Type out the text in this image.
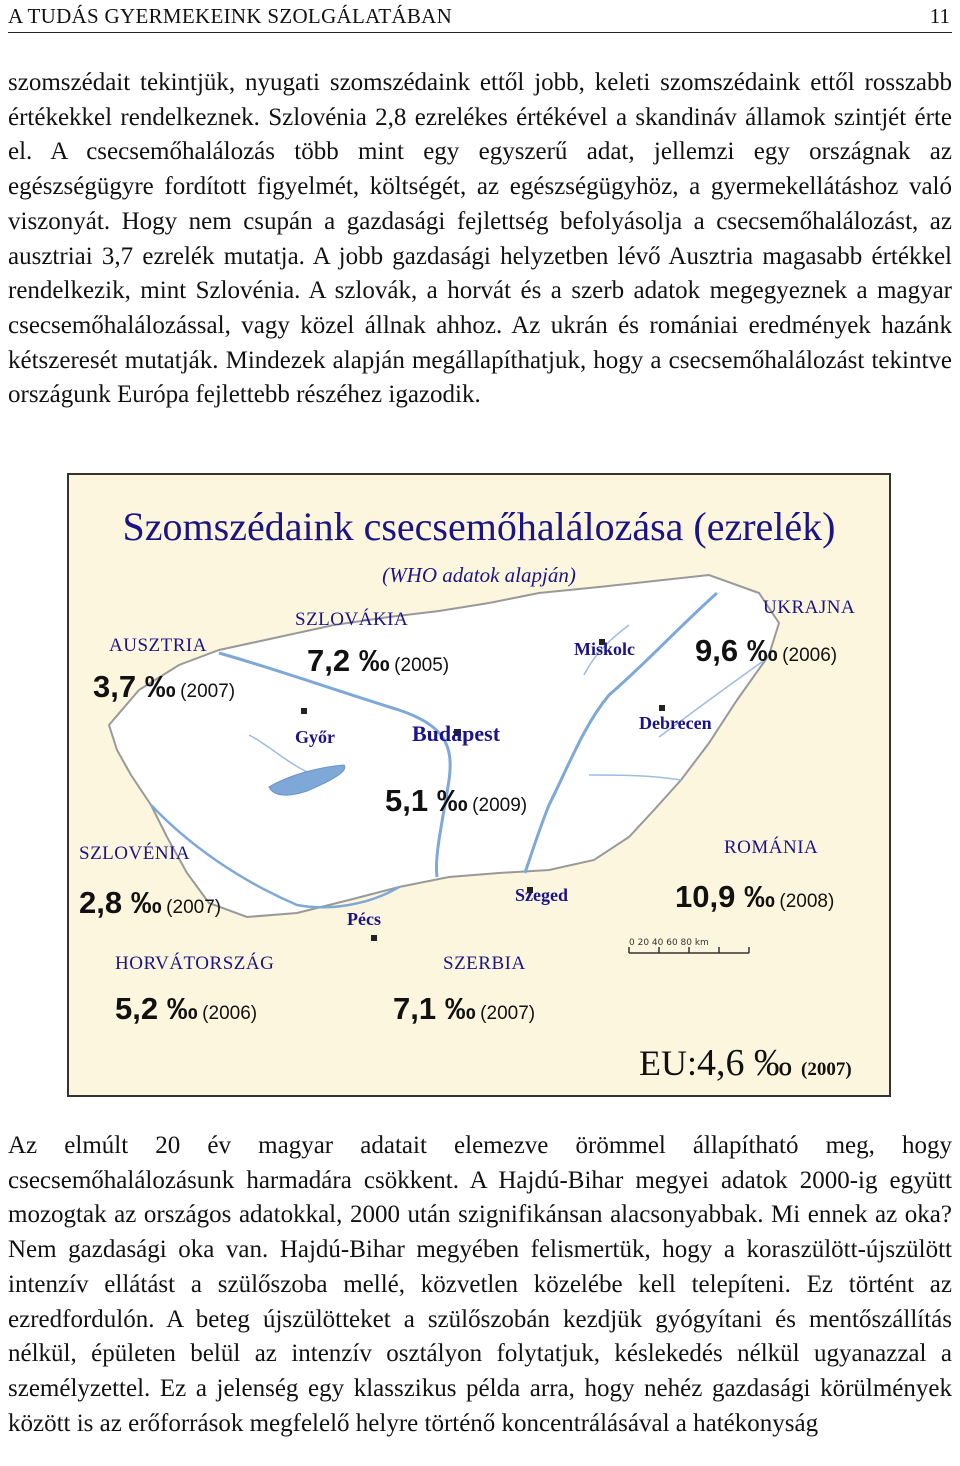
A TUDÁS GYERMEKEINK SZOLGÁLATÁBAN	11
szomszédait tekintjük, nyugati szomszédaink ettől jobb, keleti szomszédaink ettől rosszabb értékekkel rendelkeznek. Szlovénia 2,8 ezrelékes értékével a skandináv államok szintjét érte el. A csecsemőhalálozás több mint egy egyszerű adat, jellemzi egy országnak az egészségügyre fordított figyelmét, költségét, az egészségügyhöz, a gyermekellátáshoz való viszonyát. Hogy nem csupán a gazdasági fejlettség befolyásolja a csecsemőhalálozást, az ausztriai 3,7 ezrelék mutatja. A jobb gazdasági helyzetben lévő Ausztria magasabb értékkel rendelkezik, mint Szlovénia. A szlovák, a horvát és a szerb adatok megegyeznek a magyar csecsemőhalálozással, vagy közel állnak ahhoz. Az ukrán és romániai eredmények hazánk kétszeresét mutatják. Mindezek alapján megállapíthatjuk, hogy a csecsemőhalálozást tekintve országunk Európa fejlettebb részéhez igazodik.
0 20 40 60 80 km
Szomszédaink csecsemőhalálozása (ezrelék)
(WHO adatok alapján)
AUSZTRIA
3,7 ‰ (2007)
SZLOVÁKIA
7,2 ‰ (2005)
UKRAJNA
9,6 ‰ (2006)
Miskolc
Győr	Budapest	Debrecen
Szeged
Pécs
5,1 ‰ (2009)
SZLOVÉNIA
2,8 ‰ (2007)
ROMÁNIA
10,9 ‰ (2008)
HORVÁTORSZÁG
5,2 ‰ (2006)
SZERBIA
7,1 ‰ (2007)
EU:4,6 ‰ (2007)
Az elmúlt 20 év magyar adatait elemezve örömmel állapítható meg, hogy csecsemőhalálozásunk harmadára csökkent. A Hajdú-Bihar megyei adatok 2000-ig együtt mozogtak az országos adatokkal, 2000 után szignifikánsan alacsonyabbak. Mi ennek az oka? Nem gazdasági oka van. Hajdú-Bihar megyében felismertük, hogy a koraszülött-újszülött intenzív ellátást a szülőszoba mellé, közvetlen közelébe kell telepíteni. Ez történt az ezredfordulón. A beteg újszülötteket a szülőszobán kezdjük gyógyítani és mentőszállítás nélkül, épületen belül az intenzív osztályon folytatjuk, késlekedés nélkül ugyanazzal a személyzettel. Ez a jelenség egy klasszikus példa arra, hogy nehéz gazdasági körülmények között is az erőforrások megfelelő helyre történő koncentrálásával a hatékonyság
